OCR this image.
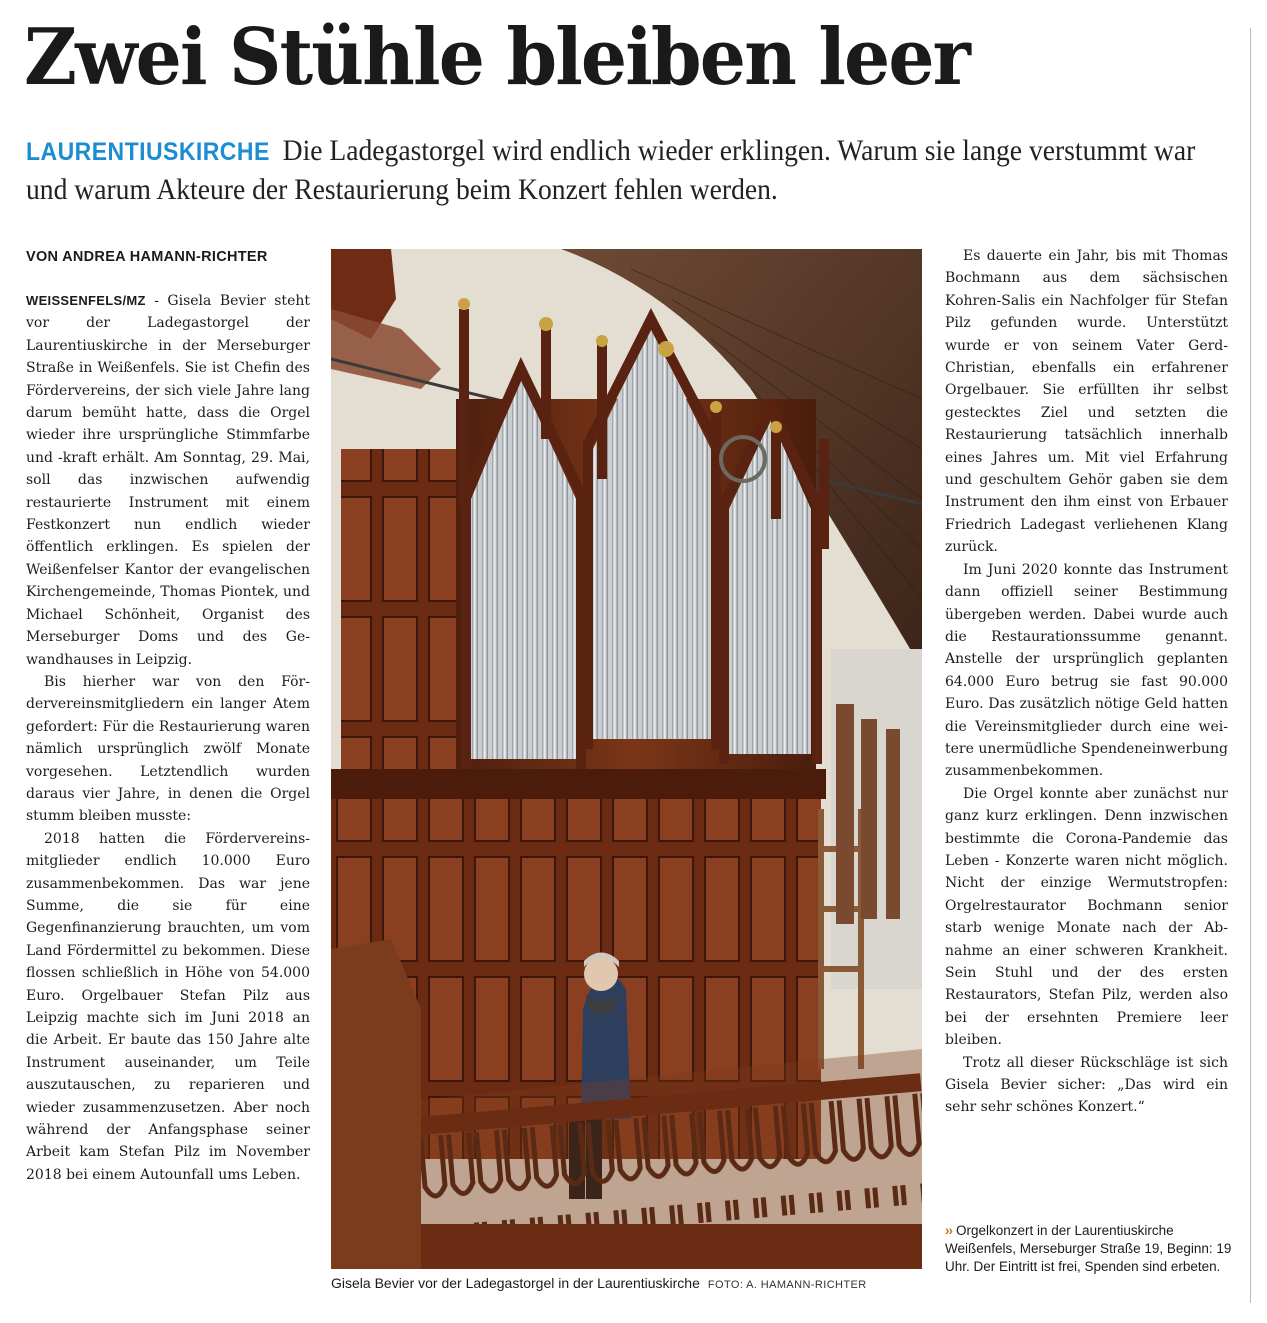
Zwei Stühle bleiben leer
LAURENTIUSKIRCHE Die Ladegastorgel wird endlich wieder erklingen. Warum sie lange verstummt war und warum Akteure der Restaurierung beim Konzert fehlen werden.
VON ANDREA HAMANN-RICHTER

WEISSENFELS/MZ - Gisela Bevier steht vor der Ladegastorgel der Laurentiuskirche in der Merseburger Straße in Weißenfels. Sie ist Chefin des Fördervereins, der sich viele Jahre lang darum bemüht hatte, dass die Orgel wieder ihre ursprüngliche Stimmfarbe und -kraft erhält. Am Sonntag, 29. Mai, soll das inzwischen aufwendig restaurierte Instrument mit einem Festkonzert nun endlich wieder öffentlich erklingen. Es spielen der Weißenfelser Kantor der evangelischen Kirchengemeinde, Thomas Piontek, und Michael Schönheit, Organist des Merseburger Doms und des Gewandhauses in Leipzig.

Bis hierher war von den Fördervereinsmitgliedern ein langer Atem gefordert: Für die Restaurierung waren nämlich ursprünglich zwölf Monate vorgesehen. Letztendlich wurden daraus vier Jahre, in denen die Orgel stumm bleiben musste:

2018 hatten die Fördervereinsmitglieder endlich 10.000 Euro zusammenbekommen. Das war jene Summe, die sie für eine Gegenfinanzierung brauchten, um vom Land Fördermittel zu bekommen. Diese flossen schließlich in Höhe von 54.000 Euro. Orgelbauer Stefan Pilz aus Leipzig machte sich im Juni 2018 an die Arbeit. Er baute das 150 Jahre alte Instrument auseinander, um Teile auszutauschen, zu reparieren und wieder zusammenzusetzen. Aber noch während der Anfangsphase seiner Arbeit kam Stefan Pilz im November 2018 bei einem Autounfall ums Leben.

Gisela Bevier vor der Ladegastorgel in der Laurentiuskirche FOTO: A. HAMANN-RICHTER

Es dauerte ein Jahr, bis mit Thomas Bochmann aus dem sächsischen Kohren-Salis ein Nachfolger für Stefan Pilz gefunden wurde. Unterstützt wurde er von seinem Vater Gerd-Christian, ebenfalls ein erfahrener Orgelbauer. Sie erfüllten ihr selbst gestecktes Ziel und setzten die Restaurierung tatsächlich innerhalb eines Jahres um. Mit viel Erfahrung und geschultem Gehör gaben sie dem Instrument den ihm einst von Erbauer Friedrich Ladegast verliehenen Klang zurück.

Im Juni 2020 konnte das Instrument dann offiziell seiner Bestimmung übergeben werden. Dabei wurde auch die Restaurationssumme genannt. Anstelle der ursprünglich geplanten 64.000 Euro betrug sie fast 90.000 Euro. Das zusätzlich nötige Geld hatten die Vereinsmitglieder durch eine weitere unermüdliche Spendeneinwerbung zusammenbekommen.

Die Orgel konnte aber zunächst nur ganz kurz erklingen. Denn inzwischen bestimmte die Corona-Pandemie das Leben - Konzerte waren nicht möglich. Nicht der einzige Wermutstropfen: Orgelrestaurator Bochmann senior starb wenige Monate nach der Abnahme an einer schweren Krankheit. Sein Stuhl und der des ersten Restaurators, Stefan Pilz, werden also bei der ersehnten Premiere leer bleiben.

Trotz all dieser Rückschläge ist sich Gisela Bevier sicher: „Das wird ein sehr sehr schönes Konzert.“

›› Orgelkonzert in der Laurentiuskirche Weißenfels, Merseburger Straße 19, Beginn: 19 Uhr. Der Eintritt ist frei, Spenden sind erbeten.
